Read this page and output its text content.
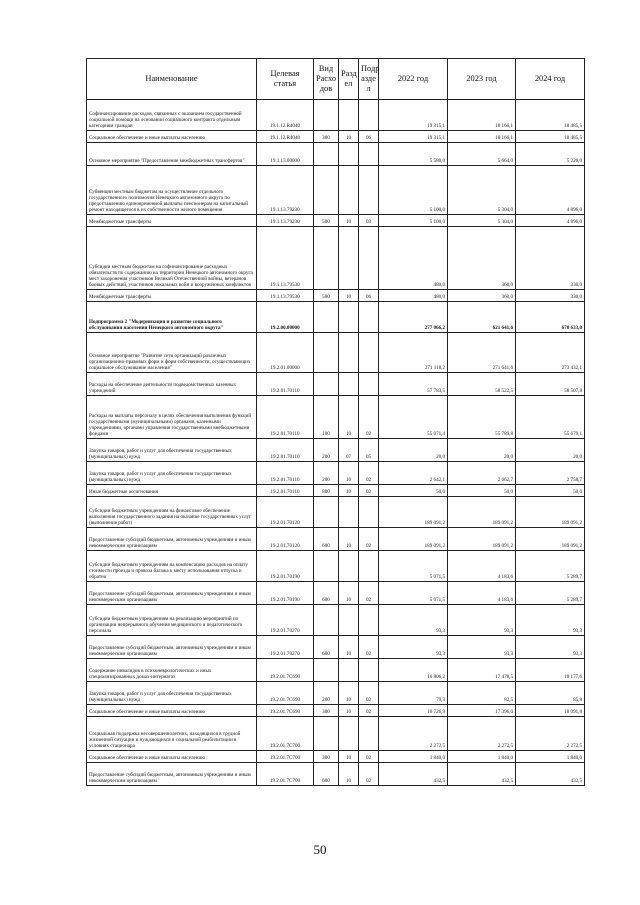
Наименование	Целевая статья	Вид Расхо дов	Разд ел	Подр азде л	2022 год	2023 год	2024 год
Софинансирование расходов, связанных с оказанием государственной социальной помощи на основании социального контракта отдельным категориям граждан	19.1.12.R4040				19 315,1	18 166,1	18 485,5
Социальное обеспечение и иные выплаты населению	19.1.12.R4040	300	10	06	19 315,1	18 166,1	18 485,5
Основное мероприятие "Предоставление межбюджетных трансфертов"	19.1.13.00000				5 580,0	5 664,0	5 226,0
Субвенции местным бюджетам на осуществление отдельного государственного полномочия Ненецкого автономного округа по предоставлению единовременной выплаты пенсионерам на капитальный ремонт находящегося в их собственности жилого помещения	19.1.13.79230				5 100,0	5 304,0	4 896,0
Межбюджетные трансферты	19.1.13.79230	500	10	03	5 100,0	5 304,0	4 896,0
Субсидии местным бюджетам на софинансирование расходных обязательств по содержанию на территории Ненецкого автономного округа мест захоронения участников Великой Отечественной войны, ветеранов боевых действий, участников локальных войн и вооружённых конфликтов	19.1.13.79530				480,0	360,0	330,0
Межбюджетные трансферты	19.1.13.79530	500	10	06	480,0	360,0	330,0
Подпрограмма 2 "Модернизация и развитие социального обслуживания населения Ненецкого автономного округа"	19.2.00.00000				277 066,2	621 641,6	670 633,0
Основное мероприятие "Развитие сети организаций различных организационно-правовых форм и форм собственности, осуществляющих социальное обслуживание населения"	19.2.01.00000				271 118,2	271 641,6	273 432,1
Расходы на обеспечение деятельности подведомственных казенных учреждений	19.2.01.70110				57 783,5	58 522,5	58 507,8
Расходы на выплаты персоналу в целях обеспечения выполнения функций государственными (муниципальными) органами, казенными учреждениями, органами управления государственными внебюджетными фондами	19.2.01.70110	100	10	02	55 071,4	55 789,8	55 679,1
Закупка товаров, работ и услуг для обеспечения государственных (муниципальных) нужд	19.2.01.70110	200	07	05	20,0	20,0	20,0
Закупка товаров, работ и услуг для обеспечения государственных (муниципальных) нужд	19.2.01.70110	200	10	02	2 642,1	2 662,7	2 758,7
Иные бюджетные ассигнования	19.2.01.70110	800	10	02	50,0	50,0	50,0
Субсидии бюджетным учреждениям на финансовое обеспечение выполнения государственного задания на оказание государственных услуг (выполнение работ)	19.2.01.70120				189 091,2	189 091,2	189 091,2
Предоставление субсидий бюджетным, автономным учреждениям и иным некоммерческим организациям	19.2.01.70120	600	10	02	189 091,2	189 091,2	189 091,2
Субсидии бюджетным учреждениям на компенсацию расходов на оплату стоимости проезда и провоза багажа к месту использования отпуска и обратно	19.2.01.70190				5 071,5	4 183,6	5 289,7
Предоставление субсидий бюджетным, автономным учреждениям и иным некоммерческим организациям	19.2.01.70190	600	10	02	5 071,5	4 183,6	5 289,7
Субсидии бюджетным учреждениям на реализацию мероприятий по организации непрерывного обучения медицинского и педагогического персонала	19.2.01.70270				93,3	93,3	93,3
Предоставление субсидий бюджетным, автономным учреждениям и иным некоммерческим организациям	19.2.01.70270	600	10	02	93,3	93,3	93,3
Содержание инвалидов в психоневрологических и иных специализированных домах-интернатах	19.2.01.7С690				16 806,2	17 478,5	18 177,6
Закупка товаров, работ и услуг для обеспечения государственных (муниципальных) нужд	19.2.01.7С690	200	10	02	79,3	82,5	85,8
Социальное обеспечение и иные выплаты населению	19.2.01.7С690	300	10	02	16 726,9	17 396,0	18 091,8
Социальная поддержка несовершеннолетних, находящихся в трудной жизненной ситуации и нуждающихся в социальной реабилитации в условиях стационара	19.2.01.7С700				2 272,5	2 272,5	2 272,5
Социальное обеспечение и иные выплаты населению	19.2.01.7С700	300	10	02	1 840,0	1 840,0	1 840,0
Предоставление субсидий бюджетным, автономным учреждениям и иным некоммерческим организациям	19.2.01.7С700	600	10	02	432,5	432,5	432,5
50
